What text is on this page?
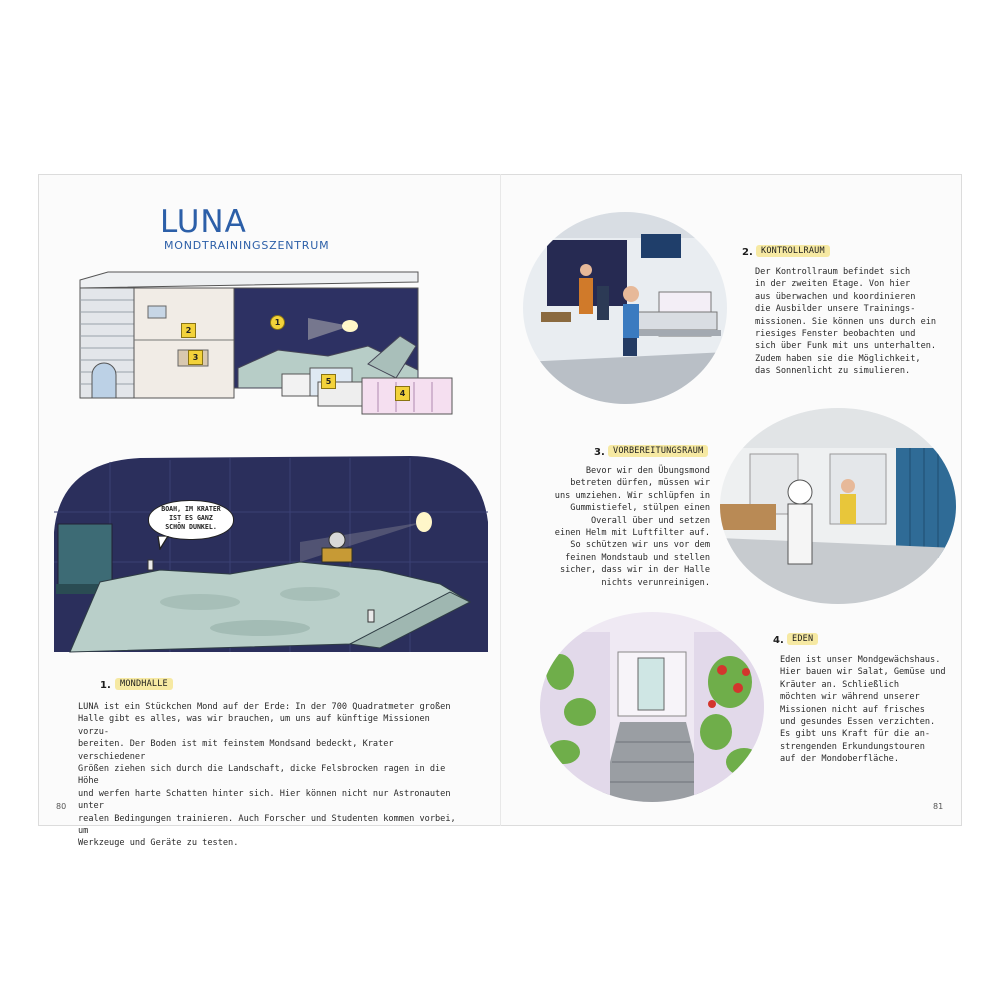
LUNA
MONDTRAININGSZENTRUM
1
2
3
4
5
BOAH, IM KRATER
IST ES GANZ
SCHÖN DUNKEL.
1.	MONDHALLE
LUNA ist ein Stückchen Mond auf der Erde: In der 700 Quadratmeter großen
Halle gibt es alles, was wir brauchen, um uns auf künftige Missionen vorzu-
bereiten. Der Boden ist mit feinstem Mondsand bedeckt, Krater verschiedener
Größen ziehen sich durch die Landschaft, dicke Felsbrocken ragen in die Höhe
und werfen harte Schatten hinter sich. Hier können nicht nur Astronauten unter
realen Bedingungen trainieren. Auch Forscher und Studenten kommen vorbei, um
Werkzeuge und Geräte zu testen.
2. KONTROLLRAUM
Der Kontrollraum befindet sich
in der zweiten Etage. Von hier
aus überwachen und koordinieren
die Ausbilder unsere Trainings-
missionen. Sie können uns durch ein
riesiges Fenster beobachten und
sich über Funk mit uns unterhalten.
Zudem haben sie die Möglichkeit,
das Sonnenlicht zu simulieren.
3. VORBEREITUNGSRAUM
Bevor wir den Übungsmond
betreten dürfen, müssen wir
uns umziehen. Wir schlüpfen in
Gummistiefel, stülpen einen
Overall über und setzen
einen Helm mit Luftfilter auf.
So schützen wir uns vor dem
feinen Mondstaub und stellen
sicher, dass wir in der Halle
nichts verunreinigen.
4. EDEN
Eden ist unser Mondgewächshaus.
Hier bauen wir Salat, Gemüse und
Kräuter an. Schließlich
möchten wir während unserer
Missionen nicht auf frisches
und gesundes Essen verzichten.
Es gibt uns Kraft für die an-
strengenden Erkundungstouren
auf der Mondoberfläche.
80	81
